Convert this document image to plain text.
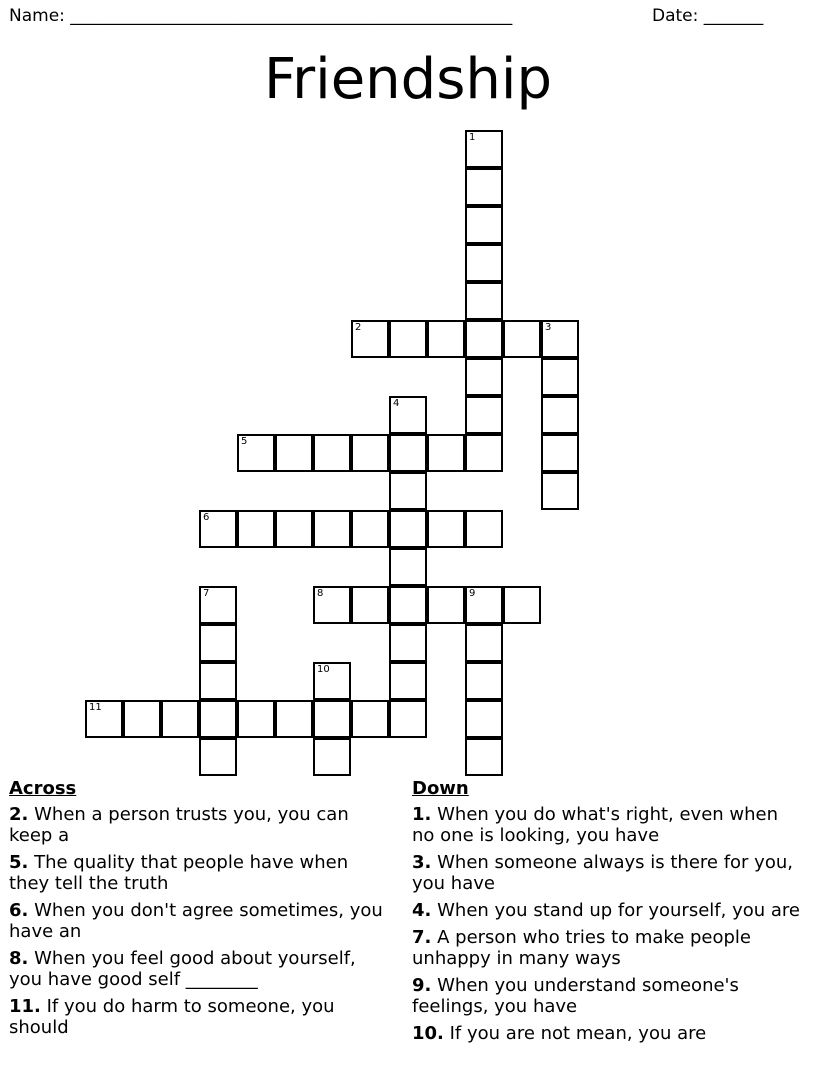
Name: ____________________________________________________	Date: _______
Friendship
1
2	3
4
5
6
7	8	9
10
11
Across
2. When a person trusts you, you can keep a
5. The quality that people have when they tell the truth
6. When you don't agree sometimes, you have an
8. When you feel good about yourself, you have good self ________
11. If you do harm to someone, you should
Down
1. When you do what's right, even when no one is looking, you have
3. When someone always is there for you, you have
4. When you stand up for yourself, you are
7. A person who tries to make people unhappy in many ways
9. When you understand someone's feelings, you have
10. If you are not mean, you are
